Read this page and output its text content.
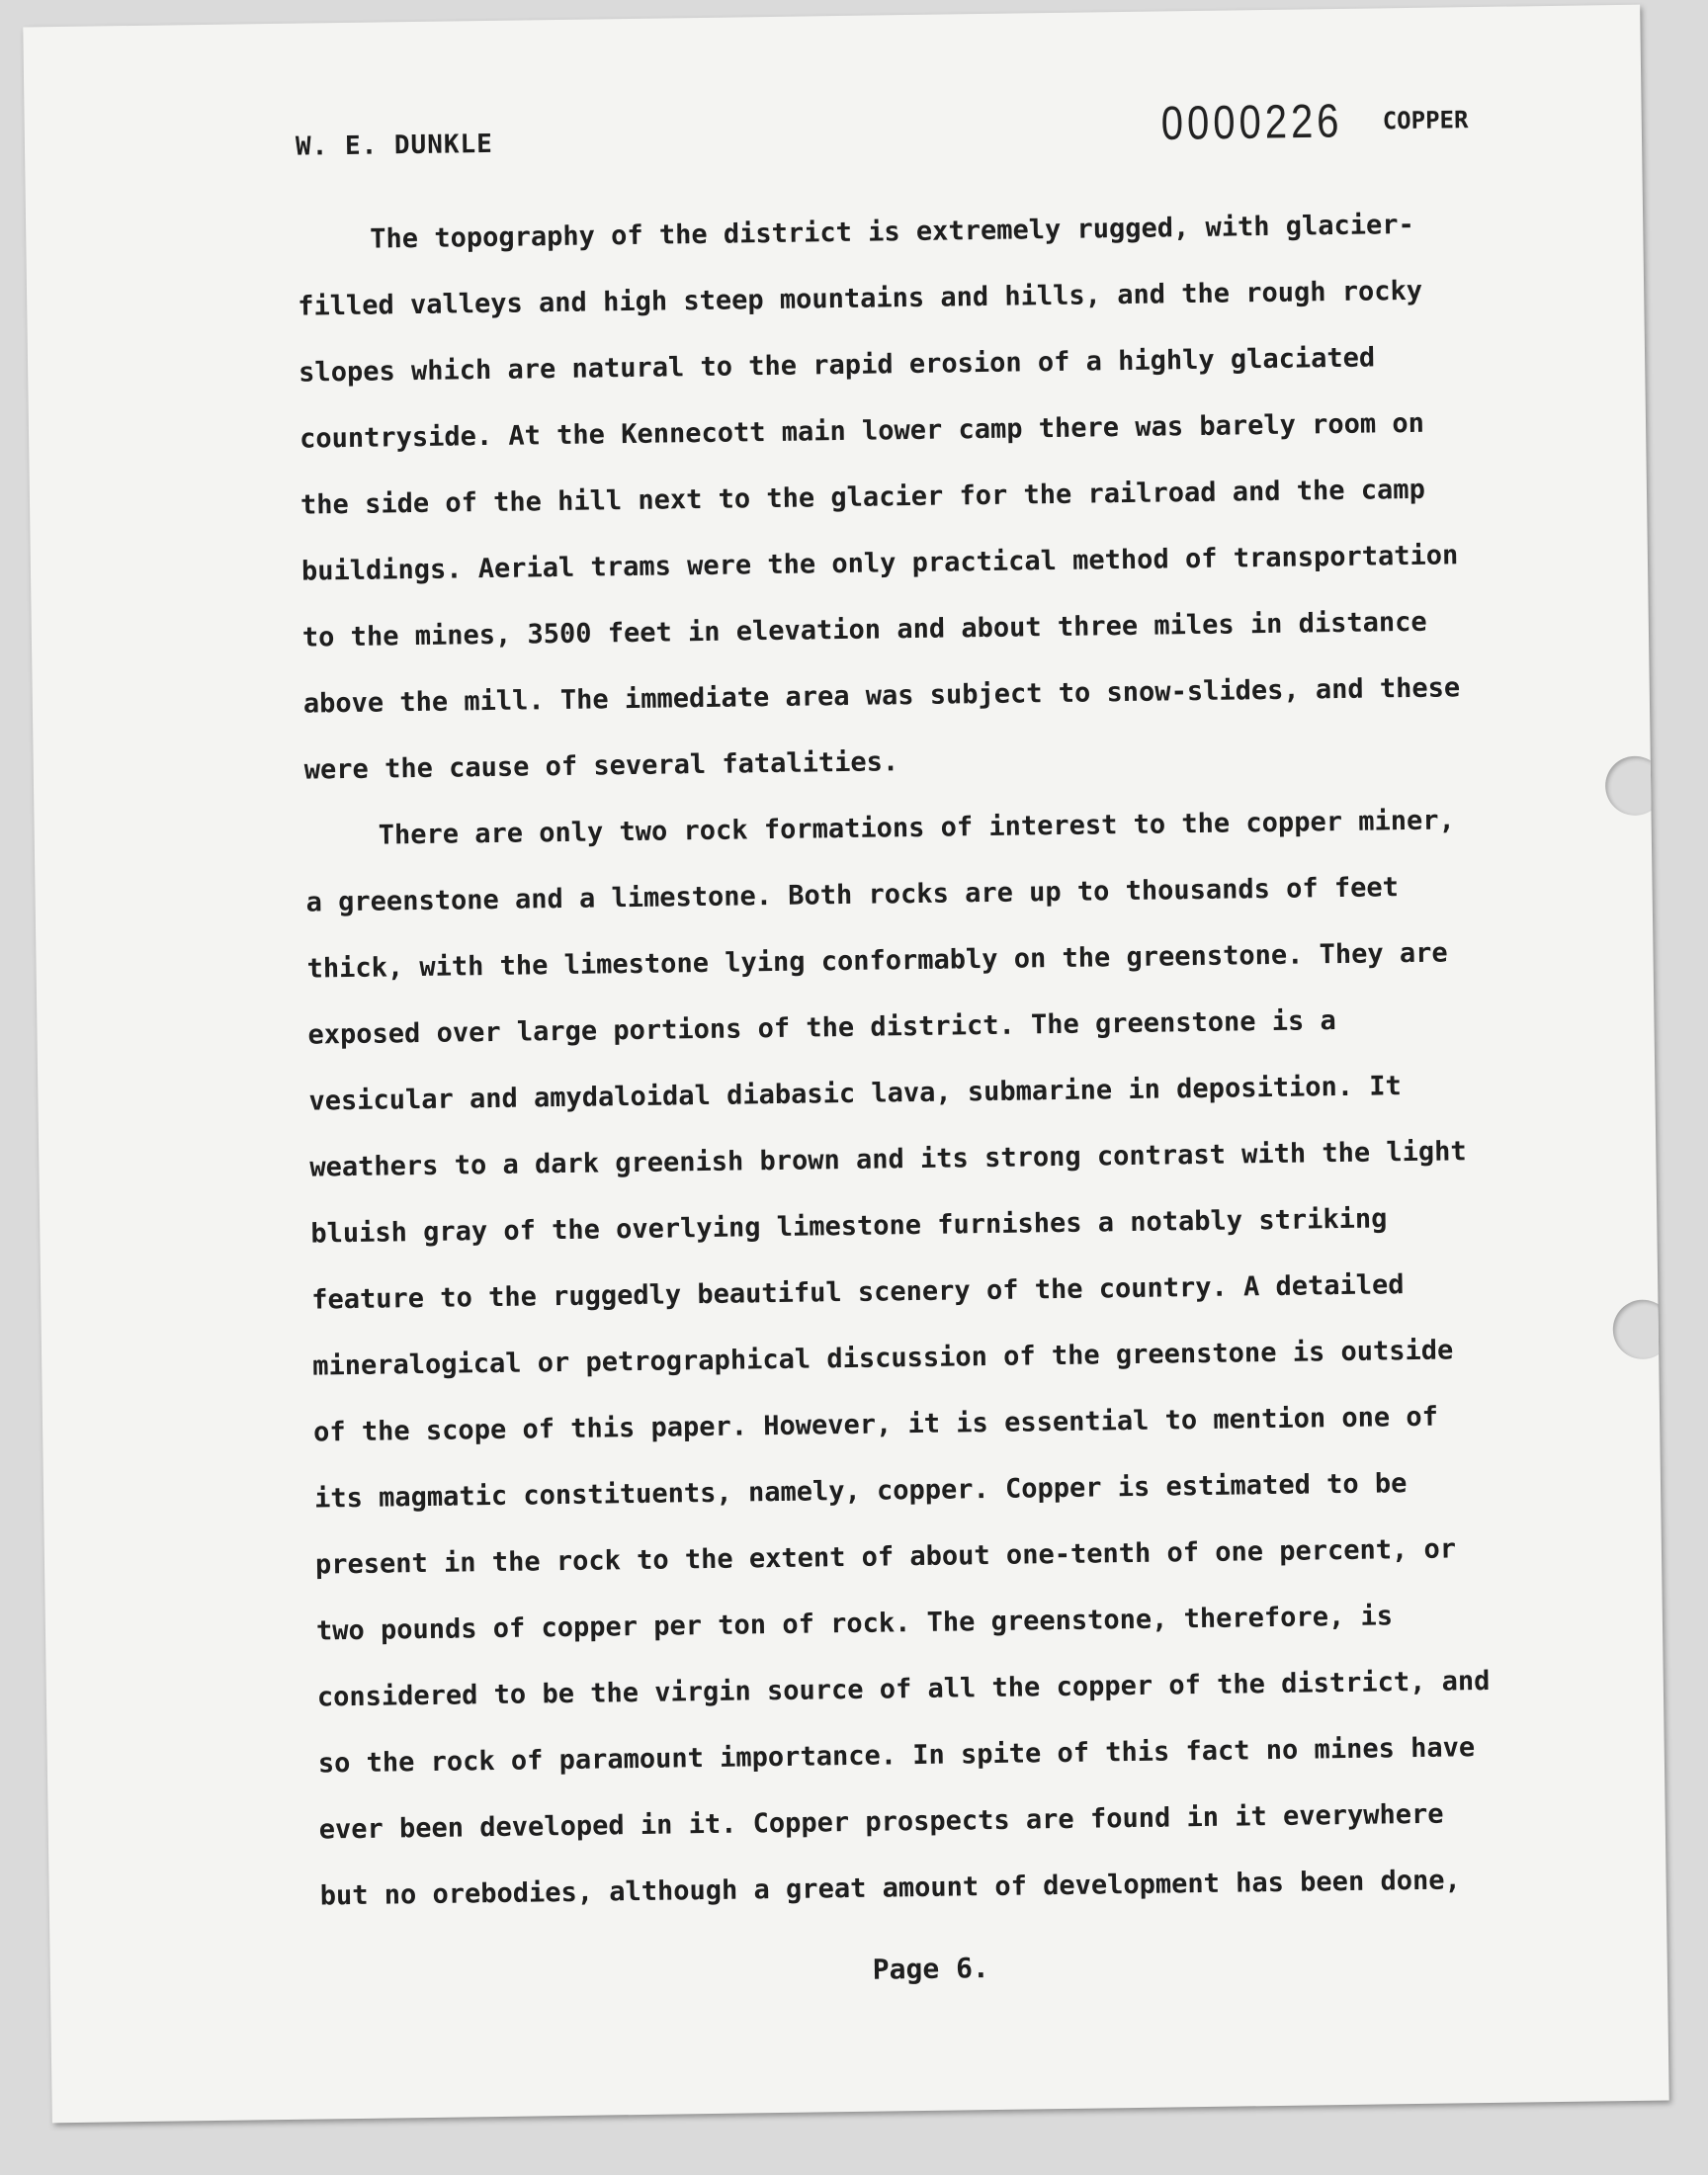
W. E. DUNKLE	0000226 COPPER
The topography of the district is extremely rugged, with glacier-
filled valleys and high steep mountains and hills, and the rough rocky
slopes which are natural to the rapid erosion of a highly glaciated
countryside. At the Kennecott main lower camp there was barely room on
the side of the hill next to the glacier for the railroad and the camp
buildings. Aerial trams were the only practical method of transportation
to the mines, 3500 feet in elevation and about three miles in distance
above the mill. The immediate area was subject to snow-slides, and these
were the cause of several fatalities.
There are only two rock formations of interest to the copper miner,
a greenstone and a limestone. Both rocks are up to thousands of feet
thick, with the limestone lying conformably on the greenstone. They are
exposed over large portions of the district. The greenstone is a
vesicular and amydaloidal diabasic lava, submarine in deposition. It
weathers to a dark greenish brown and its strong contrast with the light
bluish gray of the overlying limestone furnishes a notably striking
feature to the ruggedly beautiful scenery of the country. A detailed
mineralogical or petrographical discussion of the greenstone is outside
of the scope of this paper. However, it is essential to mention one of
its magmatic constituents, namely, copper. Copper is estimated to be
present in the rock to the extent of about one-tenth of one percent, or
two pounds of copper per ton of rock. The greenstone, therefore, is
considered to be the virgin source of all the copper of the district, and
so the rock of paramount importance. In spite of this fact no mines have
ever been developed in it. Copper prospects are found in it everywhere
but no orebodies, although a great amount of development has been done,
Page 6.
